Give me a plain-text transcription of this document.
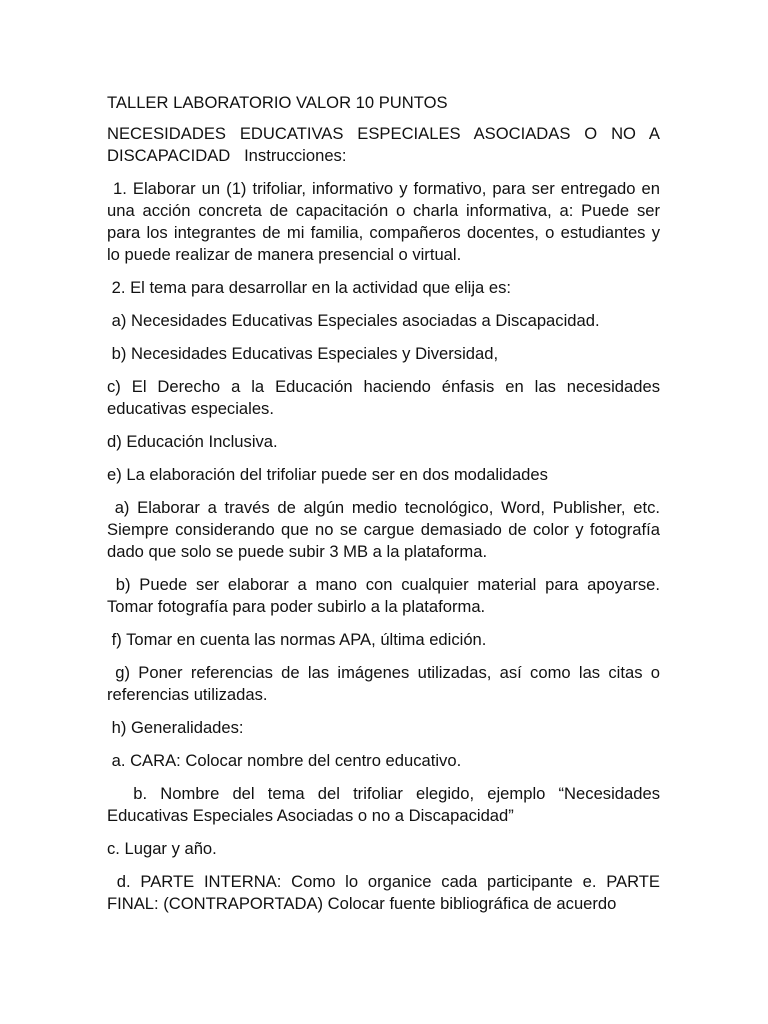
TALLER LABORATORIO VALOR 10 PUNTOS

NECESIDADES EDUCATIVAS ESPECIALES ASOCIADAS O NO A DISCAPACIDAD   Instrucciones:

1. Elaborar un (1) trifoliar, informativo y formativo, para ser entregado en una acción concreta de capacitación o charla informativa, a: Puede ser para los integrantes de mi familia, compañeros docentes, o estudiantes y lo puede realizar de manera presencial o virtual.

2. El tema para desarrollar en la actividad que elija es:

a) Necesidades Educativas Especiales asociadas a Discapacidad.

b) Necesidades Educativas Especiales y Diversidad,

c) El Derecho a la Educación haciendo énfasis en las necesidades educativas especiales.

d) Educación Inclusiva.

e) La elaboración del trifoliar puede ser en dos modalidades

a) Elaborar a través de algún medio tecnológico, Word, Publisher, etc. Siempre considerando que no se cargue demasiado de color y fotografía dado que solo se puede subir 3 MB a la plataforma.

b) Puede ser elaborar a mano con cualquier material para apoyarse. Tomar fotografía para poder subirlo a la plataforma.

f) Tomar en cuenta las normas APA, última edición.

g) Poner referencias de las imágenes utilizadas, así como las citas o referencias utilizadas.

h) Generalidades:

a. CARA: Colocar nombre del centro educativo.

b. Nombre del tema del trifoliar elegido, ejemplo “Necesidades Educativas Especiales Asociadas o no a Discapacidad”

c. Lugar y año.

d. PARTE INTERNA: Como lo organice cada participante e. PARTE FINAL: (CONTRAPORTADA) Colocar fuente bibliográfica de acuerdo
